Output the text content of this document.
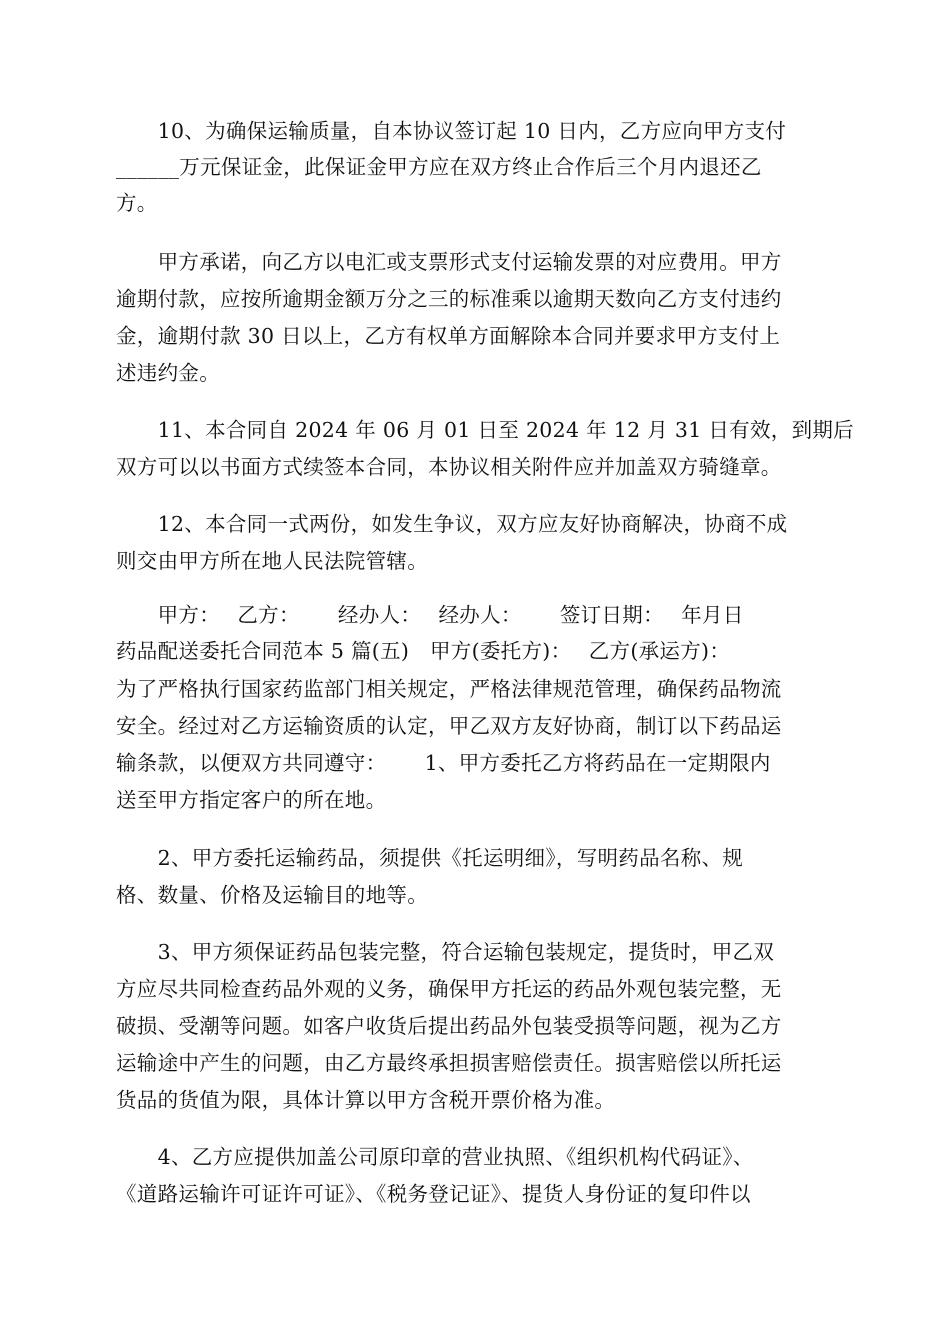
　　10、为确保运输质量，自本协议签订起 10 日内，乙方应向甲方支付
______万元保证金，此保证金甲方应在双方终止合作后三个月内退还乙
方。
　　甲方承诺，向乙方以电汇或支票形式支付运输发票的对应费用。甲方
逾期付款，应按所逾期金额万分之三的标准乘以逾期天数向乙方支付违约
金，逾期付款 30 日以上，乙方有权单方面解除本合同并要求甲方支付上
述违约金。
　　11、本合同自 2024 年 06 月 01 日至 2024 年 12 月 31 日有效，到期后
双方可以以书面方式续签本合同，本协议相关附件应并加盖双方骑缝章。
　　12、本合同一式两份，如发生争议，双方应友好协商解决，协商不成
则交由甲方所在地人民法院管辖。
　　甲方：　 乙方：　　 经办人：　 经办人：　　 签订日期：　 年月日
药品配送委托合同范本 5 篇(五)　甲方(委托方)：　 乙方(承运方)：
为了严格执行国家药监部门相关规定，严格法律规范管理，确保药品物流
安全。经过对乙方运输资质的认定，甲乙双方友好协商，制订以下药品运
输条款，以便双方共同遵守：　　 1、甲方委托乙方将药品在一定期限内
送至甲方指定客户的所在地。
　　2、甲方委托运输药品，须提供《托运明细》，写明药品名称、规
格、数量、价格及运输目的地等。
　　3、甲方须保证药品包装完整，符合运输包装规定，提货时，甲乙双
方应尽共同检查药品外观的义务，确保甲方托运的药品外观包装完整，无
破损、受潮等问题。如客户收货后提出药品外包装受损等问题，视为乙方
运输途中产生的问题，由乙方最终承担损害赔偿责任。损害赔偿以所托运
货品的货值为限，具体计算以甲方含税开票价格为准。
　　4、乙方应提供加盖公司原印章的营业执照、《组织机构代码证》、
《道路运输许可证许可证》、《税务登记证》、提货人身份证的复印件以
